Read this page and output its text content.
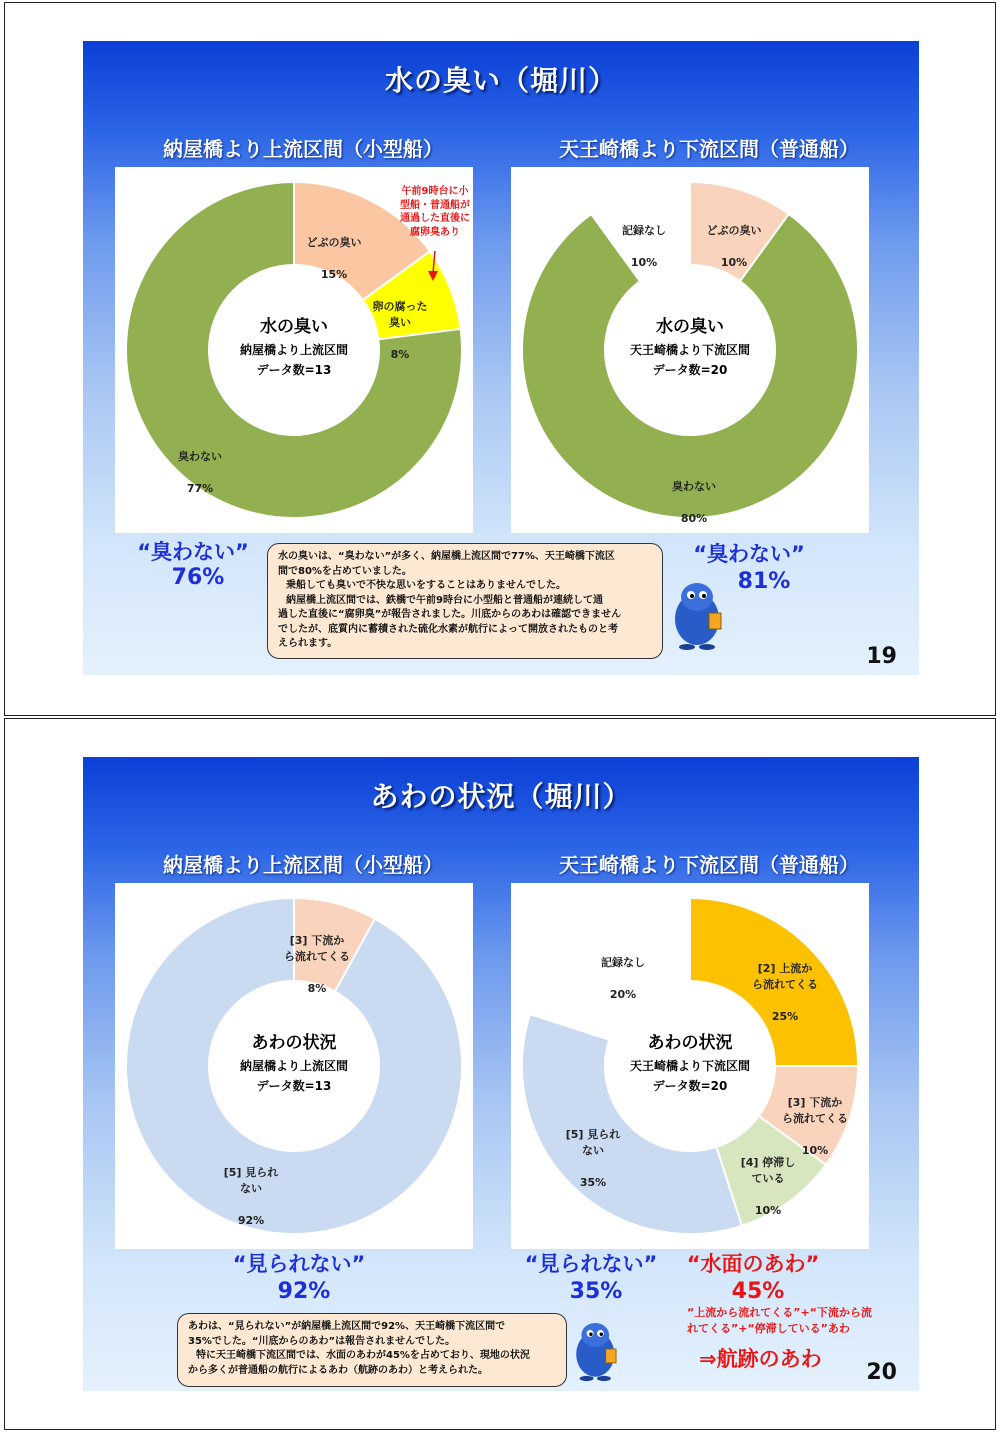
水の臭い（堀川）
納屋橋より上流区間（小型船）	天王崎橋より下流区間（普通船）
水の臭い
納屋橋より上流区間
データ数=13

どぶの臭い

15%

卵の腐った
臭い

8%

臭わない

77%

午前9時台に小
型船・普通船が
通過した直後に
腐卵臭あり
水の臭い
天王崎橋より下流区間
データ数=20

どぶの臭い

10%

臭わない

80%

記録なし

10%

“臭わない”
76%
“臭わない”
81%
水の臭いは、“臭わない”が多く、納屋橋上流区間で77%、天王崎橋下流区
間で80%を占めていました。
乗船しても臭いで不快な思いをすることはありませんでした。
納屋橋上流区間では、鉄橋で午前9時台に小型船と普通船が連続して通
過した直後に“腐卵臭”が報告されました。川底からのあわは確認できません
でしたが、底質内に蓄積された硫化水素が航行によって開放されたものと考
えられます。
19
あわの状況（堀川）
納屋橋より上流区間（小型船）	天王崎橋より下流区間（普通船）
あわの状況
納屋橋より上流区間
データ数=13

[3] 下流か
ら流れてくる

8%

[5] 見られ
ない

92%

あわの状況
天王崎橋より下流区間
データ数=20

[2] 上流か
ら流れてくる

25%

[3] 下流か
ら流れてくる

10%

[4] 停滞し
ている

10%

[5] 見られ
ない

35%

記録なし

20%

“見られない”
92%
“見られない”
35%
“水面のあわ”
45%
“上流から流れてくる”+“下流から流
れてくる”+“停滞している”あわ
⇒航跡のあわ
あわは、“見られない”が納屋橋上流区間で92%、天王崎橋下流区間で
35%でした。“川底からのあわ”は報告されませんでした。
特に天王崎橋下流区間では、水面のあわが45%を占めており、現地の状況
から多くが普通船の航行によるあわ（航跡のあわ）と考えられた。	20
